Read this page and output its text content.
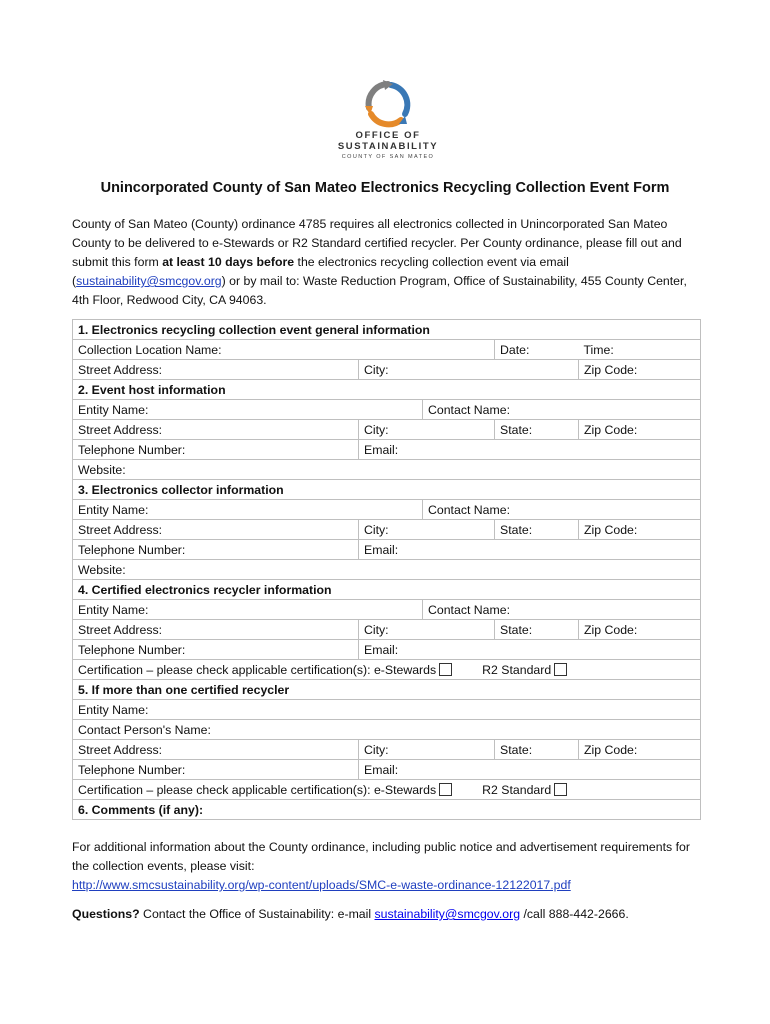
OFFICE OF
SUSTAINABILITY
COUNTY OF SAN MATEO
Unincorporated County of San Mateo Electronics Recycling Collection Event Form
County of San Mateo (County) ordinance 4785 requires all electronics collected in Unincorporated San Mateo County to be delivered to e-Stewards or R2 Standard certified recycler. Per County ordinance, please fill out and submit this form at least 10 days before the electronics recycling collection event via email (sustainability@smcgov.org) or by mail to: Waste Reduction Program, Office of Sustainability, 455 County Center, 4th Floor, Redwood City, CA 94063.
1. Electronics recycling collection event general information				
Collection Location Name:			Date:	Time:
Street Address:	City:			Zip Code:
2. Event host information				
Entity Name:		Contact Name:		
Street Address:	City:		State:	Zip Code:
Telephone Number:	Email:			
Website:				
3. Electronics collector information				
Entity Name:		Contact Name:		
Street Address:	City:		State:	Zip Code:
Telephone Number:	Email:			
Website:				
4. Certified electronics recycler information				
Entity Name:		Contact Name:		
Street Address:	City:		State:	Zip Code:
Telephone Number:	Email:			

Certification – please check applicable certification(s): e-Stewards R2 Standard				

5. If more than one certified recycler				
Entity Name:				
Contact Person's Name:				
Street Address:	City:		State:	Zip Code:
Telephone Number:	Email:			

Certification – please check applicable certification(s): e-Stewards R2 Standard				

6. Comments (if any):				
For additional information about the County ordinance, including public notice and advertisement requirements for the collection events, please visit:
http://www.smcsustainability.org/wp-content/uploads/SMC-e-waste-ordinance-12122017.pdf
Questions? Contact the Office of Sustainability: e-mail sustainability@smcgov.org /call 888-442-2666.
